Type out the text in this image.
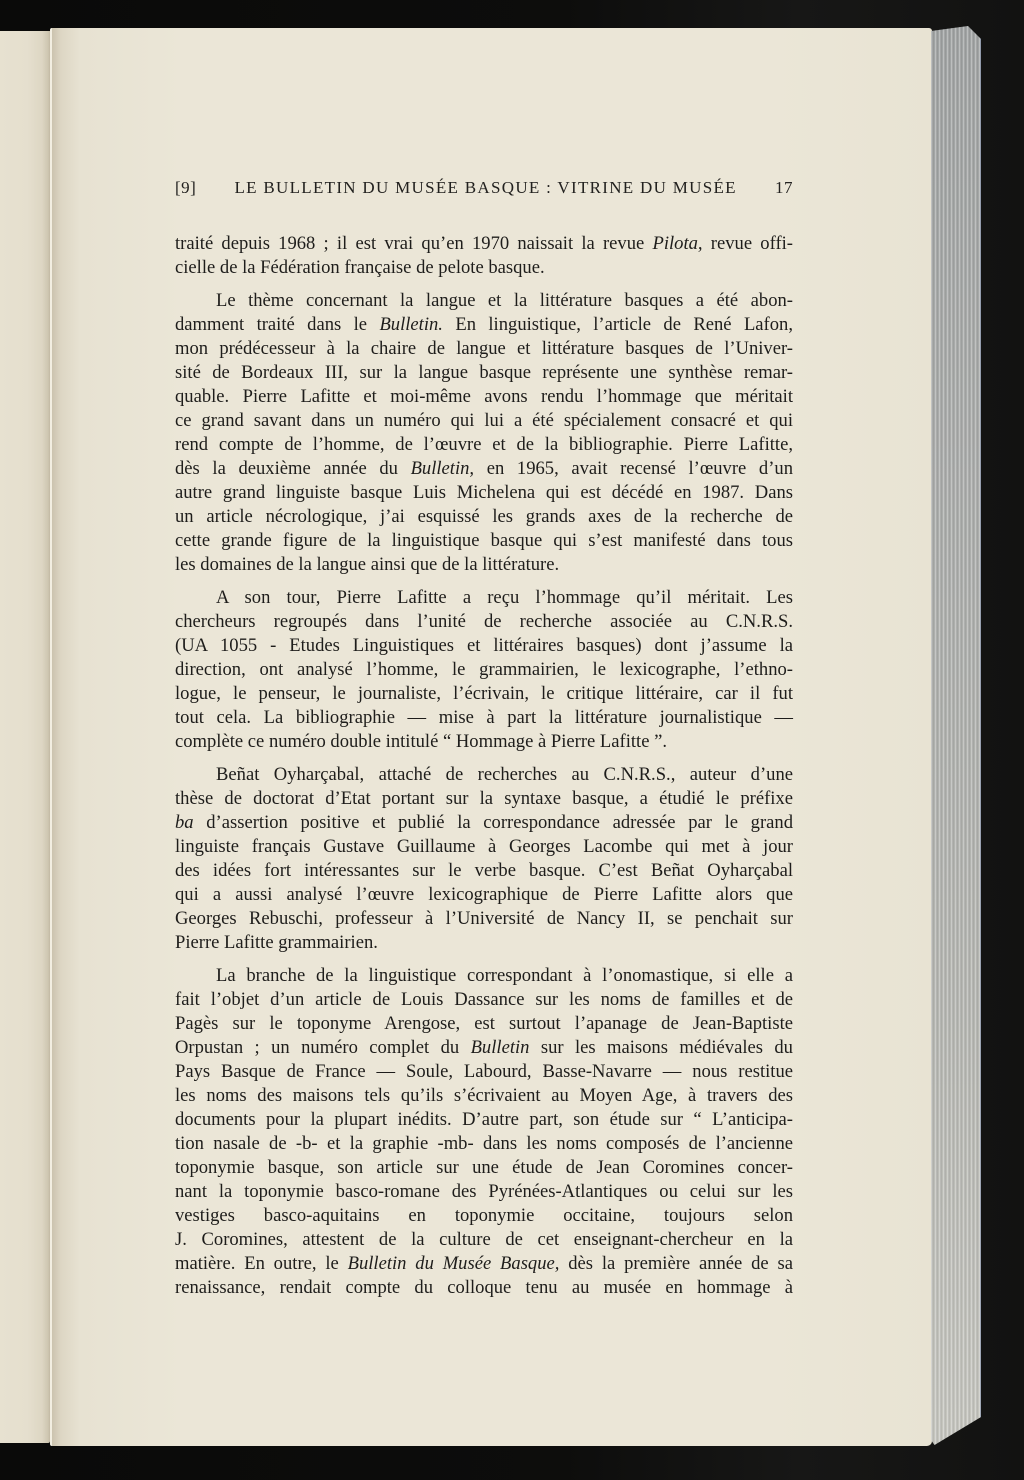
[9] LE BULLETIN DU MUSÉE BASQUE : VITRINE DU MUSÉE 17
traité depuis 1968 ; il est vrai qu’en 1970 naissait la revue Pilota, revue offi-
cielle de la Fédération française de pelote basque.
Le thème concernant la langue et la littérature basques a été abon-
damment traité dans le Bulletin. En linguistique, l’article de René Lafon,
mon prédécesseur à la chaire de langue et littérature basques de l’Univer-
sité de Bordeaux III, sur la langue basque représente une synthèse remar-
quable. Pierre Lafitte et moi-même avons rendu l’hommage que méritait
ce grand savant dans un numéro qui lui a été spécialement consacré et qui
rend compte de l’homme, de l’œuvre et de la bibliographie. Pierre Lafitte,
dès la deuxième année du Bulletin, en 1965, avait recensé l’œuvre d’un
autre grand linguiste basque Luis Michelena qui est décédé en 1987. Dans
un article nécrologique, j’ai esquissé les grands axes de la recherche de
cette grande figure de la linguistique basque qui s’est manifesté dans tous
les domaines de la langue ainsi que de la littérature.
A son tour, Pierre Lafitte a reçu l’hommage qu’il méritait. Les
chercheurs regroupés dans l’unité de recherche associée au C.N.R.S.
(UA 1055 - Etudes Linguistiques et littéraires basques) dont j’assume la
direction, ont analysé l’homme, le grammairien, le lexicographe, l’ethno-
logue, le penseur, le journaliste, l’écrivain, le critique littéraire, car il fut
tout cela. La bibliographie — mise à part la littérature journalistique —
complète ce numéro double intitulé “ Hommage à Pierre Lafitte ”.
Beñat Oyharçabal, attaché de recherches au C.N.R.S., auteur d’une
thèse de doctorat d’Etat portant sur la syntaxe basque, a étudié le préfixe
ba d’assertion positive et publié la correspondance adressée par le grand
linguiste français Gustave Guillaume à Georges Lacombe qui met à jour
des idées fort intéressantes sur le verbe basque. C’est Beñat Oyharçabal
qui a aussi analysé l’œuvre lexicographique de Pierre Lafitte alors que
Georges Rebuschi, professeur à l’Université de Nancy II, se penchait sur
Pierre Lafitte grammairien.
La branche de la linguistique correspondant à l’onomastique, si elle a
fait l’objet d’un article de Louis Dassance sur les noms de familles et de
Pagès sur le toponyme Arengose, est surtout l’apanage de Jean-Baptiste
Orpustan ; un numéro complet du Bulletin sur les maisons médiévales du
Pays Basque de France — Soule, Labourd, Basse-Navarre — nous restitue
les noms des maisons tels qu’ils s’écrivaient au Moyen Age, à travers des
documents pour la plupart inédits. D’autre part, son étude sur “ L’anticipa-
tion nasale de -b- et la graphie -mb- dans les noms composés de l’ancienne
toponymie basque, son article sur une étude de Jean Coromines concer-
nant la toponymie basco-romane des Pyrénées-Atlantiques ou celui sur les
vestiges basco-aquitains en toponymie occitaine, toujours selon
J. Coromines, attestent de la culture de cet enseignant-chercheur en la
matière. En outre, le Bulletin du Musée Basque, dès la première année de sa
renaissance, rendait compte du colloque tenu au musée en hommage à
